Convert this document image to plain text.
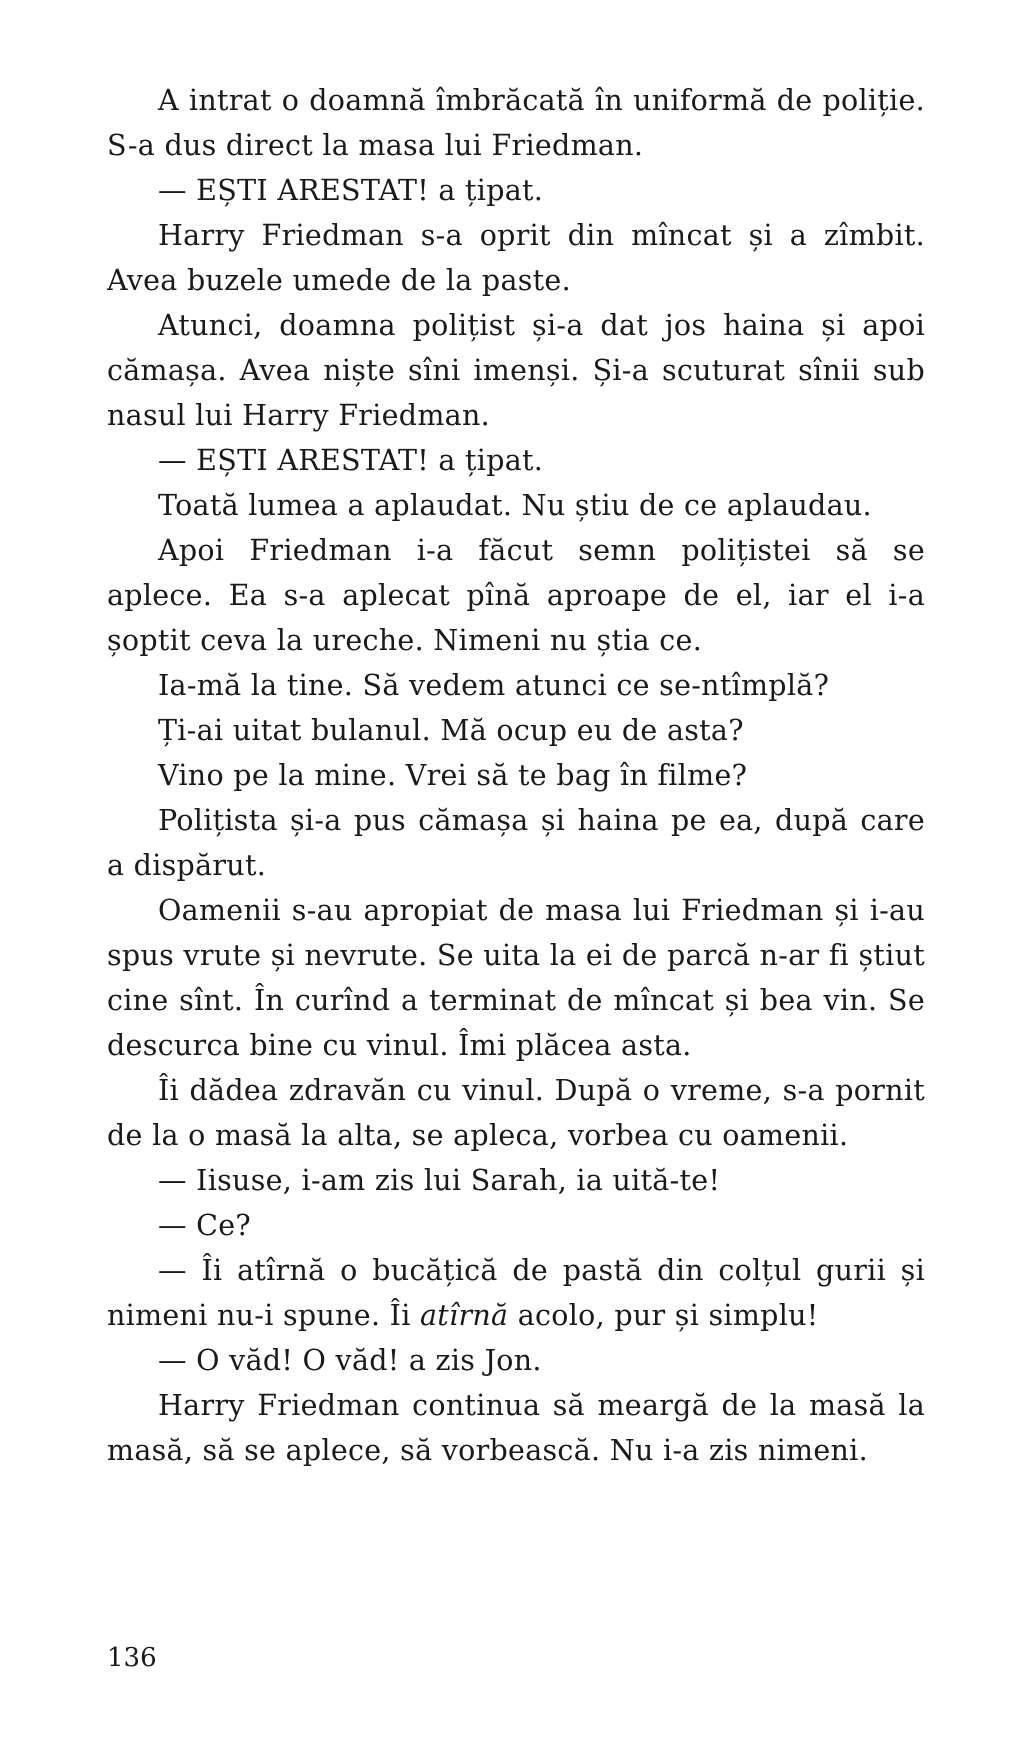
A intrat o doamnă îmbrăcată în uniformă de poliție. S-a dus direct la masa lui Friedman.

— EȘTI ARESTAT! a țipat.

Harry Friedman s-a oprit din mîncat și a zîmbit. Avea buzele umede de la paste.

Atunci, doamna polițist și-a dat jos haina și apoi cămașa. Avea niște sîni imenși. Și-a scuturat sînii sub nasul lui Harry Friedman.

— EȘTI ARESTAT! a țipat.

Toată lumea a aplaudat. Nu știu de ce aplaudau.

Apoi Friedman i-a făcut semn polițistei să se aplece. Ea s-a aplecat pînă aproape de el, iar el i-a șoptit ceva la ureche. Nimeni nu știa ce.

Ia-mă la tine. Să vedem atunci ce se-ntîmplă?

Ți-ai uitat bulanul. Mă ocup eu de asta?

Vino pe la mine. Vrei să te bag în filme?

Polițista și-a pus cămașa și haina pe ea, după care a dispărut.

Oamenii s-au apropiat de masa lui Friedman și i-au spus vrute și nevrute. Se uita la ei de parcă n-ar fi știut cine sînt. În curînd a terminat de mîncat și bea vin. Se descurca bine cu vinul. Îmi plăcea asta.

Îi dădea zdravăn cu vinul. După o vreme, s-a pornit de la o masă la alta, se apleca, vorbea cu oamenii.

— Iisuse, i-am zis lui Sarah, ia uită-te!

— Ce?

— Îi atîrnă o bucățică de pastă din colțul gurii și nimeni nu-i spune. Îi atîrnă acolo, pur și simplu!

— O văd! O văd! a zis Jon.

Harry Friedman continua să meargă de la masă la masă, să se aplece, să vorbească. Nu i-a zis nimeni.

136
